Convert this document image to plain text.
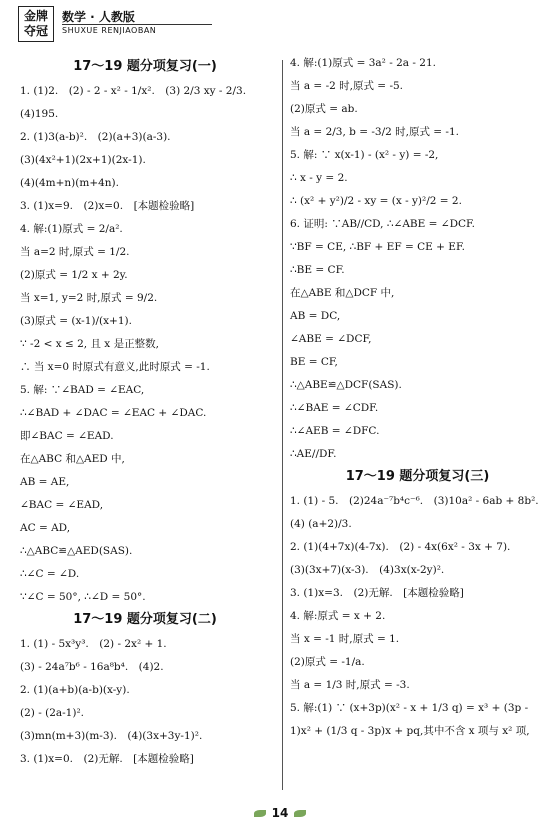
金牌
夺冠
数学 · 人教版
SHUXUE RENJIAOBAN
17～19 题分项复习(一)
1. (1)2.　(2) - 2 - x² - 1/x².　(3) 2/3 xy - 2/3.
(4)195.
2. (1)3(a-b)².　(2)(a+3)(a-3).
(3)(4x²+1)(2x+1)(2x-1).
(4)(4m+n)(m+4n).
3. (1)x=9.　(2)x=0.　[本题检验略]
4. 解:(1)原式 = 2/a².
当 a=2 时,原式 = 1/2.
(2)原式 = 1/2 x + 2y.
当 x=1, y=2 时,原式 = 9/2.
(3)原式 = (x-1)/(x+1).
∵ -2 < x ≤ 2, 且 x 是正整数,
∴ 当 x=0 时原式有意义,此时原式 = -1.
5. 解: ∵∠BAD = ∠EAC,
∴∠BAD + ∠DAC = ∠EAC + ∠DAC.
即∠BAC = ∠EAD.
在△ABC 和△AED 中,
AB = AE,
∠BAC = ∠EAD,
AC = AD,
∴△ABC≌△AED(SAS).
∴∠C = ∠D.
∵∠C = 50°, ∴∠D = 50°.
17～19 题分项复习(二)
1. (1) - 5x³y³.　(2) - 2x² + 1.
(3) - 24a⁷b⁶ - 16a⁸b⁴.　(4)2.
2. (1)(a+b)(a-b)(x-y).
(2) - (2a-1)².
(3)mn(m+3)(m-3).　(4)(3x+3y-1)².
3. (1)x=0.　(2)无解.　[本题检验略]
4. 解:(1)原式 = 3a² - 2a - 21.
当 a = -2 时,原式 = -5.
(2)原式 = ab.
当 a = 2/3, b = -3/2 时,原式 = -1.
5. 解: ∵ x(x-1) - (x² - y) = -2,
∴ x - y = 2.
∴ (x² + y²)/2 - xy = (x - y)²/2 = 2.
6. 证明: ∵AB//CD, ∴∠ABE = ∠DCF.
∵BF = CE, ∴BF + EF = CE + EF.
∴BE = CF.
在△ABE 和△DCF 中,
AB = DC,
∠ABE = ∠DCF,
BE = CF,
∴△ABE≌△DCF(SAS).
∴∠BAE = ∠CDF.
∴∠AEB = ∠DFC.
∴AE//DF.
17～19 题分项复习(三)
1. (1) - 5.　(2)24a⁻⁷b⁴c⁻⁶.　(3)10a² - 6ab + 8b².
(4) (a+2)/3.
2. (1)(4+7x)(4-7x).　(2) - 4x(6x² - 3x + 7).
(3)(3x+7)(x-3).　(4)3x(x-2y)².
3. (1)x=3.　(2)无解.　[本题检验略]
4. 解:原式 = x + 2.
当 x = -1 时,原式 = 1.
(2)原式 = -1/a.
当 a = 1/3 时,原式 = -3.
5. 解:(1) ∵ (x+3p)(x² - x + 1/3 q) = x³ + (3p -
1)x² + (1/3 q - 3p)x + pq,其中不含 x 项与 x² 项,
14
